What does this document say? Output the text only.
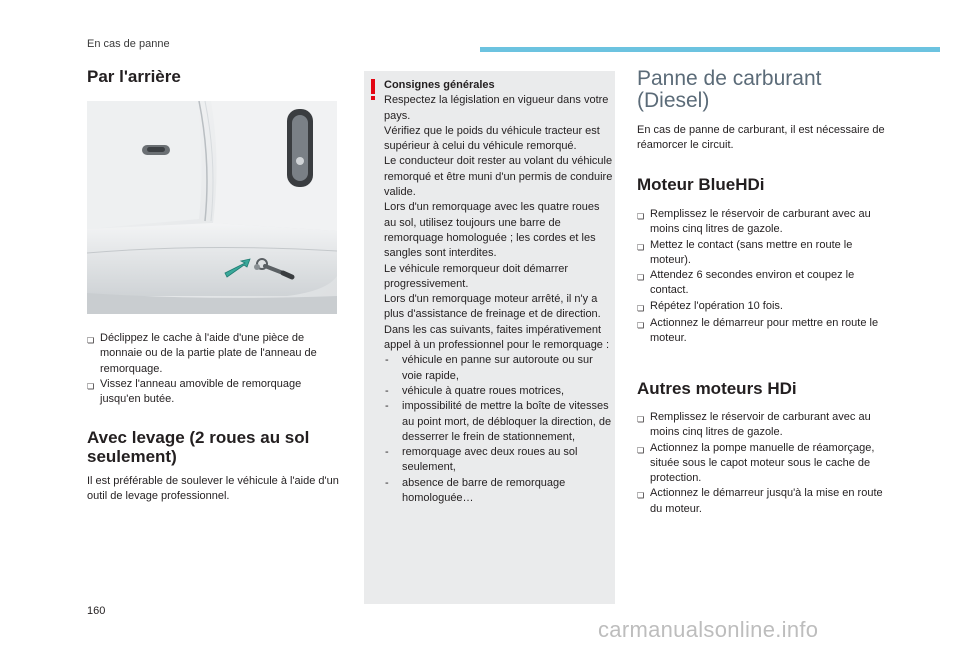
En cas de panne
Par l'arrière
❏ Déclippez le cache à l'aide d'une pièce de monnaie ou de la partie plate de l'anneau de remorquage.
❏ Vissez l'anneau amovible de remorquage jusqu'en butée.
Avec levage (2 roues au sol seulement)
Il est préférable de soulever le véhicule à l'aide d'un outil de levage professionnel.
Consignes générales
Respectez la législation en vigueur dans votre pays.
Vérifiez que le poids du véhicule tracteur est supérieur à celui du véhicule remorqué.
Le conducteur doit rester au volant du véhicule remorqué et être muni d'un permis de conduire valide.
Lors d'un remorquage avec les quatre roues au sol, utilisez toujours une barre de remorquage homologuée ; les cordes et les sangles sont interdites.
Le véhicule remorqueur doit démarrer progressivement.
Lors d'un remorquage moteur arrêté, il n'y a plus d'assistance de freinage et de direction.
Dans les cas suivants, faites impérativement appel à un professionnel pour le remorquage :
-	véhicule en panne sur autoroute ou sur voie rapide,
-	véhicule à quatre roues motrices,
-	impossibilité de mettre la boîte de vitesses au point mort, de débloquer la direction, de desserrer le frein de stationnement,
-	remorquage avec deux roues au sol seulement,
-	absence de barre de remorquage homologuée…
Panne de carburant
(Diesel)
En cas de panne de carburant, il est nécessaire de réamorcer le circuit.
Moteur BlueHDi
❏ Remplissez le réservoir de carburant avec au moins cinq litres de gazole.
❏ Mettez le contact (sans mettre en route le moteur).
❏ Attendez 6 secondes environ et coupez le contact.
❏ Répétez l'opération 10 fois.
❏ Actionnez le démarreur pour mettre en route le moteur.
Autres moteurs HDi
❏ Remplissez le réservoir de carburant avec au moins cinq litres de gazole.
❏ Actionnez la pompe manuelle de réamorçage, située sous le capot moteur sous le cache de protection.
❏ Actionnez le démarreur jusqu'à la mise en route du moteur.
160
carmanualsonline.info
